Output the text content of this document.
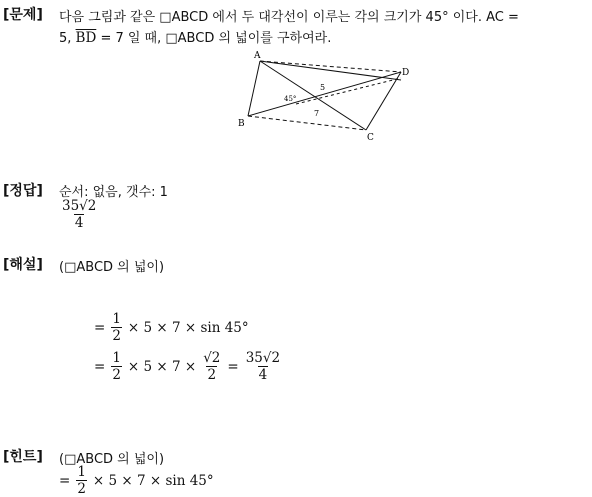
[문제] 다음 그림과 같은 □ABCD 에서 두 대각선이 이루는 각의 크기가 45° 이다. AC =
5, $\overline{BD} = 7$ 일 때, □ABCD 의 넓이를 구하여라.
A
B
C
D
45°
5
7
[정답] 순서: 없음, 갯수: 1
$\frac{35√2}{4}$
[해설] (□ABCD 의 넓이)
= $\frac{1}{2} \times 5 \times 7 \times \sin 45^\circ$
= $\frac{1}{2} \times 5 \times 7 \times \frac{√2}{2} = \frac{35√2}{4}$
[힌트] (□ABCD 의 넓이)
= $\frac{1}{2} \times 5 \times 7 \times \sin 45^\circ$
